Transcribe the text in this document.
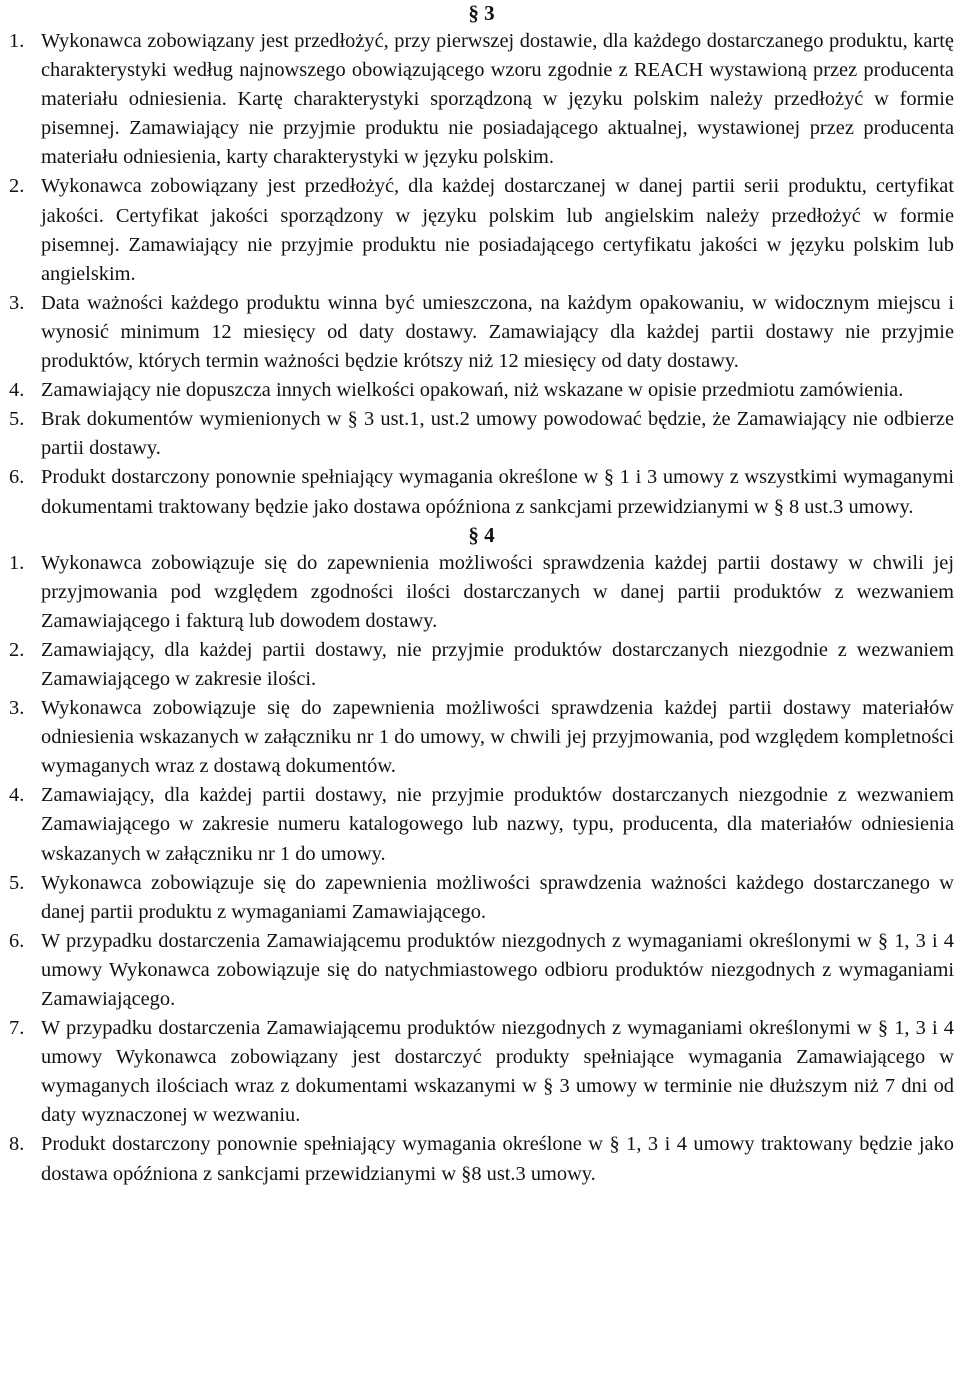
§ 3
1. Wykonawca zobowiązany jest przedłożyć, przy pierwszej dostawie, dla każdego dostarczanego produktu, kartę charakterystyki według najnowszego obowiązującego wzoru zgodnie z REACH wystawioną przez producenta materiału odniesienia. Kartę charakterystyki sporządzoną w języku polskim należy przedłożyć w formie pisemnej. Zamawiający nie przyjmie produktu nie posiadającego aktualnej, wystawionej przez producenta materiału odniesienia, karty charakterystyki w języku polskim.
2. Wykonawca zobowiązany jest przedłożyć, dla każdej dostarczanej w danej partii serii produktu, certyfikat jakości. Certyfikat jakości sporządzony w języku polskim lub angielskim należy przedłożyć w formie pisemnej. Zamawiający nie przyjmie produktu nie posiadającego certyfikatu jakości w języku polskim lub angielskim.
3. Data ważności każdego produktu winna być umieszczona, na każdym opakowaniu, w widocznym miejscu i wynosić minimum 12 miesięcy od daty dostawy. Zamawiający dla każdej partii dostawy nie przyjmie produktów, których termin ważności będzie krótszy niż 12 miesięcy od daty dostawy.
4. Zamawiający nie dopuszcza innych wielkości opakowań, niż wskazane w opisie przedmiotu zamówienia.
5. Brak dokumentów wymienionych w § 3 ust.1, ust.2 umowy powodować będzie, że Zamawiający nie odbierze partii dostawy.
6. Produkt dostarczony ponownie spełniający wymagania określone w § 1 i 3 umowy z wszystkimi wymaganymi dokumentami traktowany będzie jako dostawa opóźniona z sankcjami przewidzianymi w § 8 ust.3 umowy.
§ 4
1. Wykonawca zobowiązuje się do zapewnienia możliwości sprawdzenia każdej partii dostawy w chwili jej przyjmowania pod względem zgodności ilości dostarczanych w danej partii produktów z wezwaniem Zamawiającego i fakturą lub dowodem dostawy.
2. Zamawiający, dla każdej partii dostawy, nie przyjmie produktów dostarczanych niezgodnie z wezwaniem Zamawiającego w zakresie ilości.
3. Wykonawca zobowiązuje się do zapewnienia możliwości sprawdzenia każdej partii dostawy materiałów odniesienia wskazanych w załączniku nr 1 do umowy, w chwili jej przyjmowania, pod względem kompletności wymaganych wraz z dostawą dokumentów.
4. Zamawiający, dla każdej partii dostawy, nie przyjmie produktów dostarczanych niezgodnie z wezwaniem Zamawiającego w zakresie numeru katalogowego lub nazwy, typu, producenta, dla materiałów odniesienia wskazanych w załączniku nr 1 do umowy.
5. Wykonawca zobowiązuje się do zapewnienia możliwości sprawdzenia ważności każdego dostarczanego w danej partii produktu z wymaganiami Zamawiającego.
6. W przypadku dostarczenia Zamawiającemu produktów niezgodnych z wymaganiami określonymi w § 1, 3 i 4 umowy Wykonawca zobowiązuje się do natychmiastowego odbioru produktów niezgodnych z wymaganiami Zamawiającego.
7. W przypadku dostarczenia Zamawiającemu produktów niezgodnych z wymaganiami określonymi w § 1, 3 i 4 umowy Wykonawca zobowiązany jest dostarczyć produkty spełniające wymagania Zamawiającego w wymaganych ilościach wraz z dokumentami wskazanymi w § 3 umowy w terminie nie dłuższym niż 7 dni od daty wyznaczonej w wezwaniu.
8. Produkt dostarczony ponownie spełniający wymagania określone w § 1, 3 i 4 umowy traktowany będzie jako dostawa opóźniona z sankcjami przewidzianymi w §8 ust.3 umowy.
